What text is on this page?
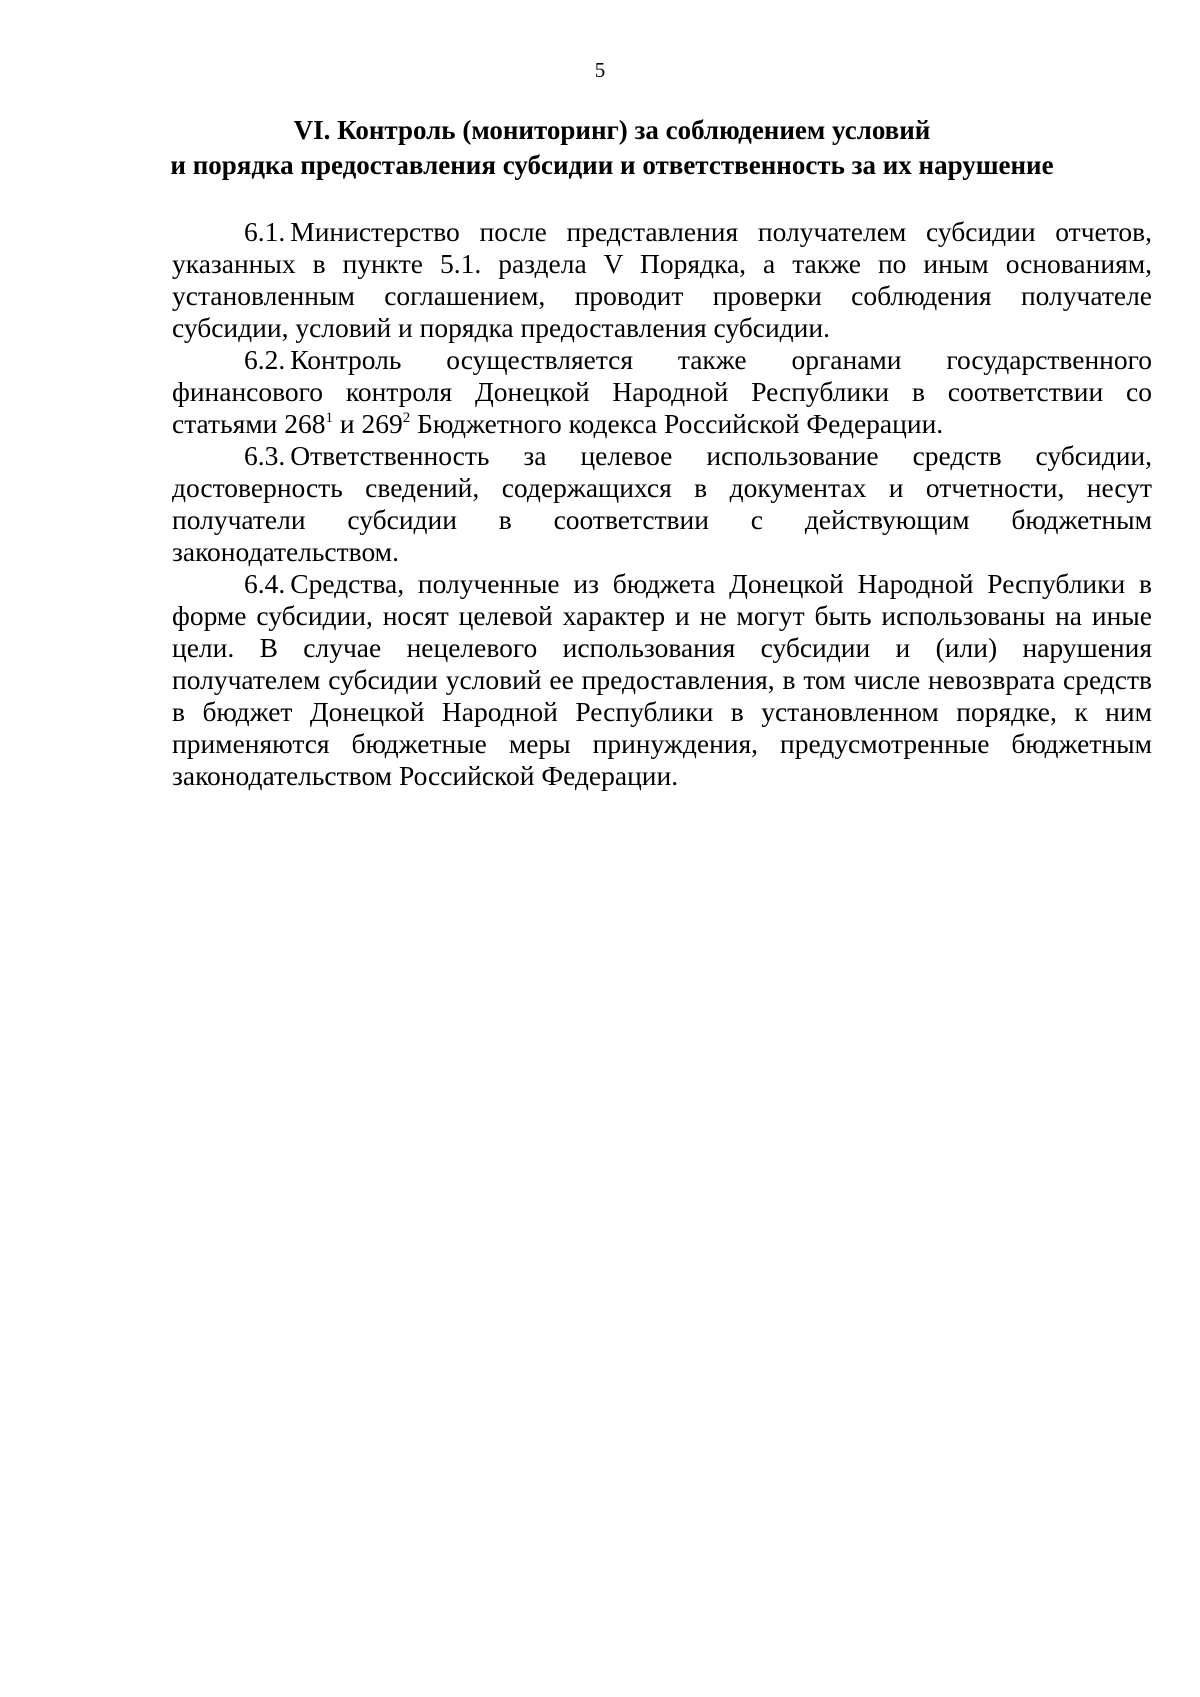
5
VI. Контроль (мониторинг) за соблюдением условий
и порядка предоставления субсидии и ответственность за их нарушение

6.1. Министерство после представления получателем субсидии отчетов, указанных в пункте 5.1. раздела V Порядка, а также по иным основаниям, установленным соглашением, проводит проверки соблюдения получателе субсидии, условий и порядка предоставления субсидии.

6.2. Контроль осуществляется также органами государственного финансового контроля Донецкой Народной Республики в соответствии со статьями $268^1$ и $269^2$ Бюджетного кодекса Российской Федерации.

6.3. Ответственность за целевое использование средств субсидии, достоверность сведений, содержащихся в документах и отчетности, несут получатели субсидии в соответствии с действующим бюджетным законодательством.

6.4. Средства, полученные из бюджета Донецкой Народной Республики в форме субсидии, носят целевой характер и не могут быть использованы на иные цели. В случае нецелевого использования субсидии и (или) нарушения получателем субсидии условий ее предоставления, в том числе невозврата средств в бюджет Донецкой Народной Республики в установленном порядке, к ним применяются бюджетные меры принуждения, предусмотренные бюджетным законодательством Российской Федерации.
